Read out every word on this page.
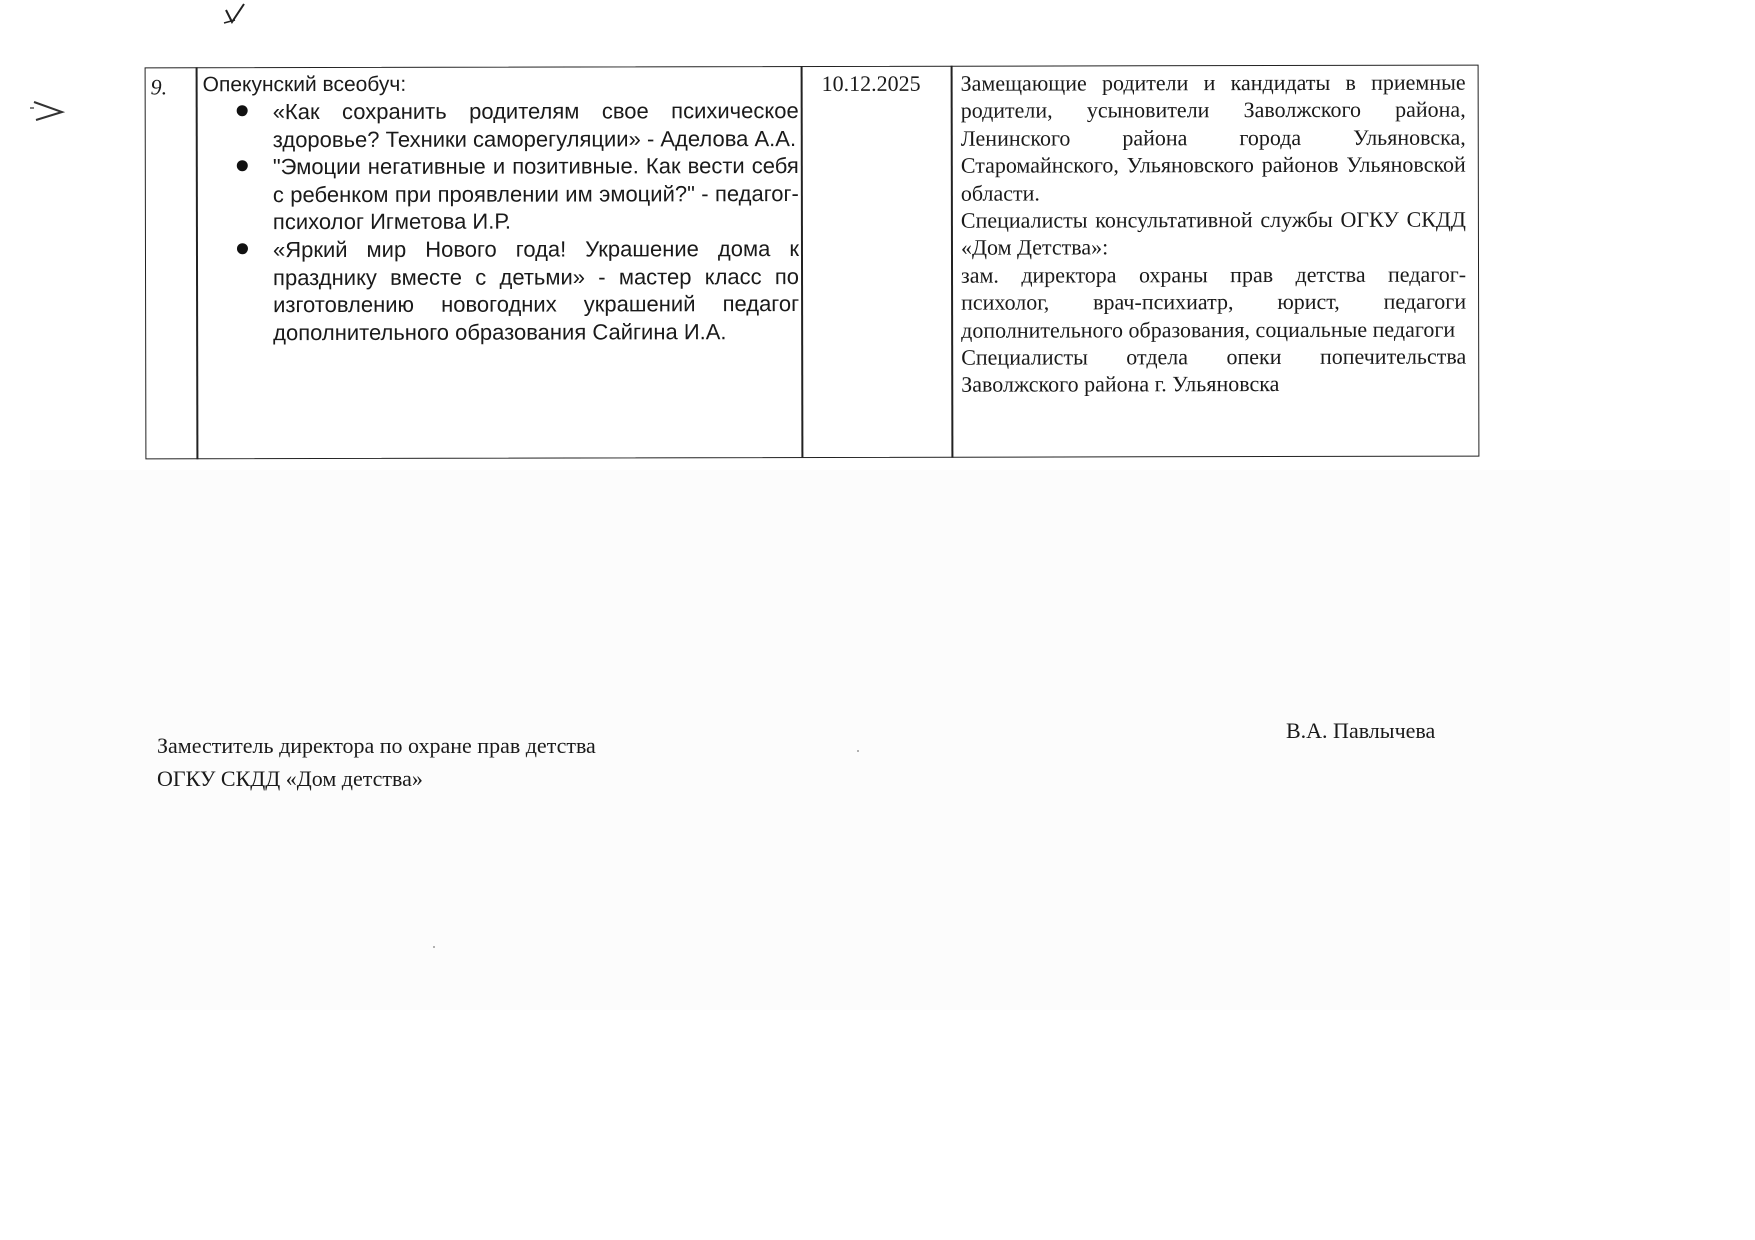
9. Опекунский всеобуч:
«Как сохранить родителям свое психическое здоровье? Техники саморегуляции» - Аделова А.А.
"Эмоции негативные и позитивные. Как вести себя с ребенком при проявлении им эмоций?" - педагог-психолог Игметова И.Р.
«Яркий мир Нового года! Украшение дома к празднику вместе с детьми» - мастер класс по изготовлению новогодних украшений педагог дополнительного образования Сайгина И.А.
10.12.2025 Замещающие родители и кандидаты в приемные родители, усыновители Заволжского района, Ленинского района города Ульяновска, Старомайнского, Ульяновского районов Ульяновской области.

Специалисты консультативной службы ОГКУ СКДД «Дом Детства»:

зам. директора охраны прав детства педагог-психолог, врач-психиатр, юрист, педагоги дополнительного образования, социальные педагоги

Специалисты отдела опеки попечительства Заволжского района г. Ульяновска

Заместитель директора по охране прав детства
ОГКУ СКДД «Дом детства»
В.А. Павлычева
